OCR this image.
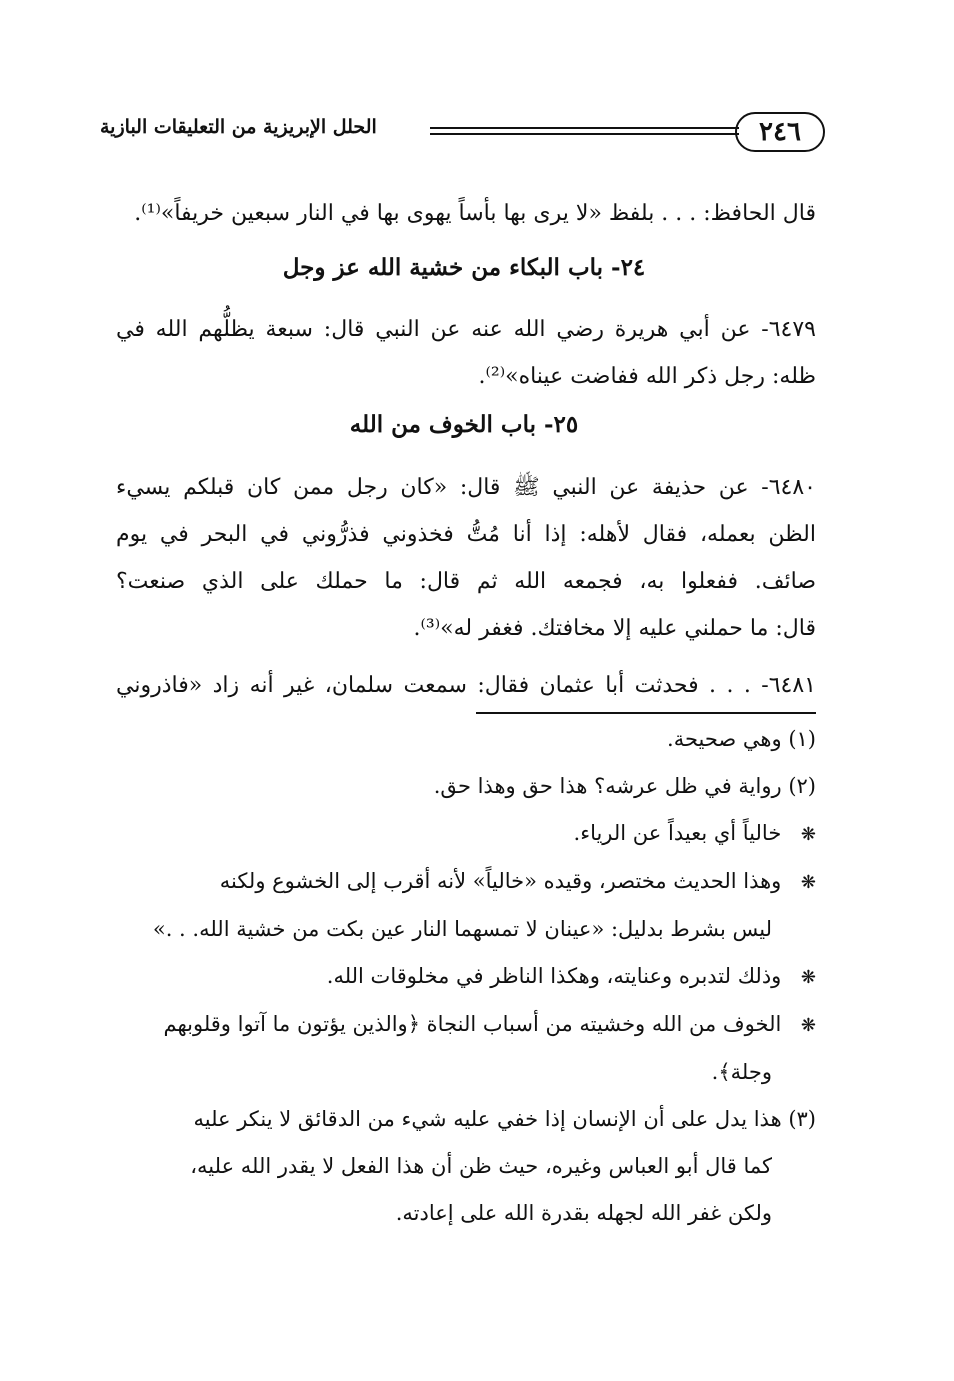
٢٤٦
الحلل الإبريزية من التعليقات البازية
قال الحافظ: . . . بلفظ «لا يرى بها بأساً يهوى بها في النار سبعين خريفاً»⁽¹⁾.
٢٤- باب البكاء من خشية الله عز وجل
٦٤٧٩- عن أبي هريرة رضي الله عنه عن النبي قال: سبعة يظلُّهم الله في
ظله: رجل ذكر الله ففاضت عيناه»⁽²⁾.
٢٥- باب الخوف من الله
٦٤٨٠- عن حذيفة عن النبي ﷺ قال: «كان رجل ممن كان قبلكم يسيء
الظن بعمله، فقال لأهله: إذا أنا مُتُّ فخذوني فذرُّوني في البحر في يوم
صائف. ففعلوا به، فجمعه الله ثم قال: ما حملك على الذي صنعت؟
قال: ما حملني عليه إلا مخافتك. فغفر له»⁽³⁾.
٦٤٨١- . . . فحدثت أبا عثمان فقال: سمعت سلمان، غير أنه زاد «فاذروني
(١) وهي صحيحة.
(٢) رواية في ظل عرشه؟ هذا حق وهذا حق.
❋ خالياً أي بعيداً عن الرياء.
❋ وهذا الحديث مختصر، وقيده «خالياً» لأنه أقرب إلى الخشوع ولكنه
ليس بشرط بدليل: «عينان لا تمسهما النار عين بكت من خشية الله. . .»
❋ وذلك لتدبره وعنايته، وهكذا الناظر في مخلوقات الله.
❋ الخوف من الله وخشيته من أسباب النجاة ﴿والذين يؤتون ما آتوا وقلوبهم
وجلة﴾.
(٣) هذا يدل على أن الإنسان إذا خفي عليه شيء من الدقائق لا ينكر عليه
كما قال أبو العباس وغيره، حيث ظن أن هذا الفعل لا يقدر الله عليه،
ولكن غفر الله لجهله بقدرة الله على إعادته.
